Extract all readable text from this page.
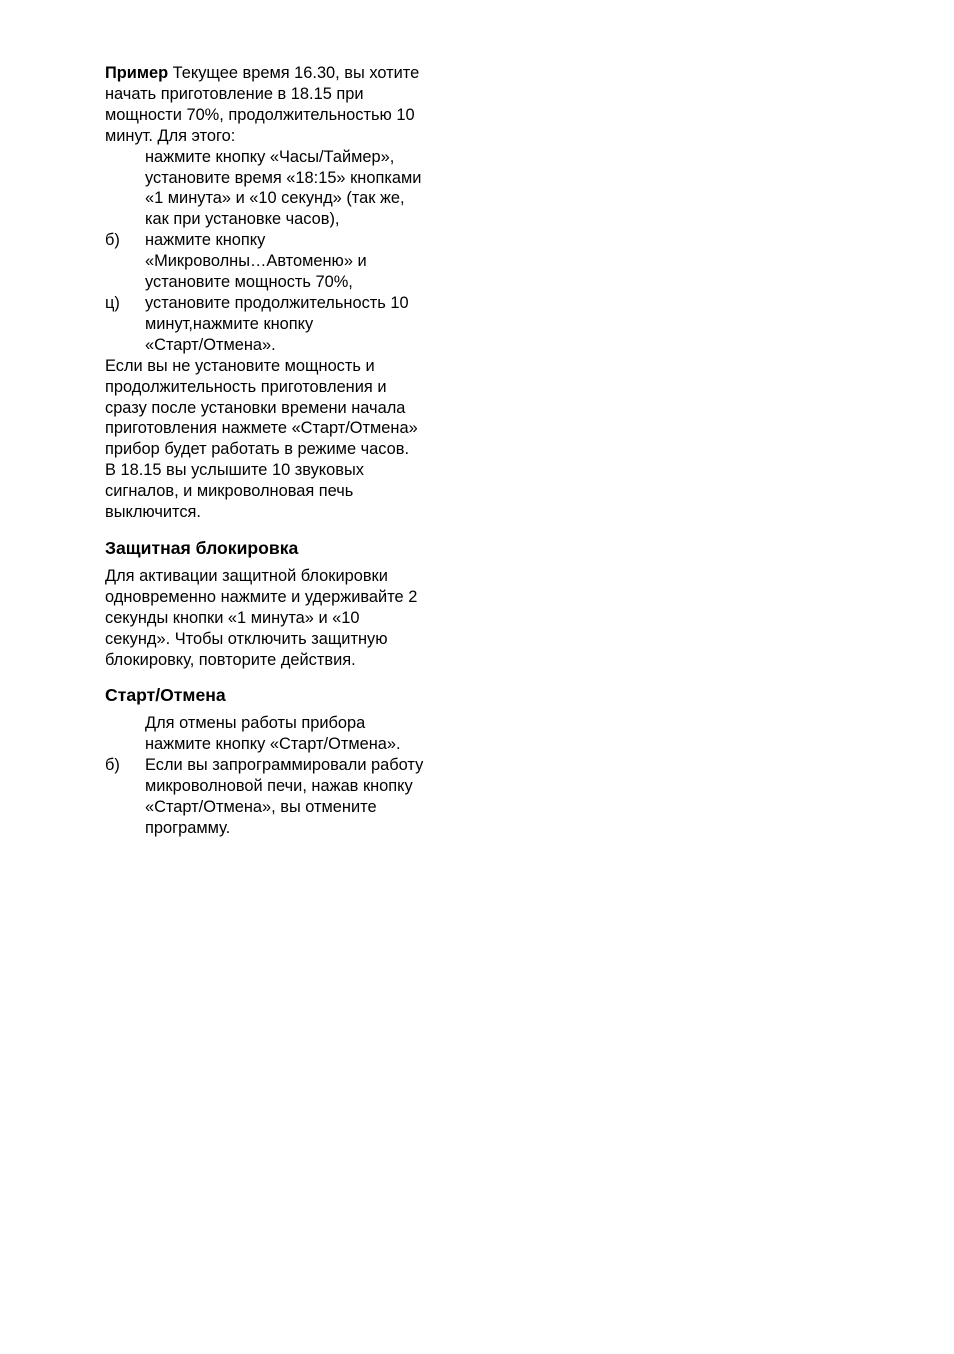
Пример Текущее время 16.30, вы хотите
начать приготовление в 18.15 при
мощности 70%, продолжительностью 10
минут. Для этого:
нажмите кнопку «Часы/Таймер»,
установите время «18:15» кнопками
«1 минута» и «10 секунд» (так же,
как при установке часов),
б)	нажмите кнопку
«Микроволны…Автоменю» и
установите мощность 70%,
ц)	установите продолжительность 10
минут,нажмите кнопку
«Старт/Отмена».
Если вы не установите мощность и
продолжительность приготовления и
сразу после установки времени начала
приготовления нажмете «Старт/Отмена»
прибор будет работать в режиме часов.
В 18.15 вы услышите 10 звуковых
сигналов, и микроволновая печь
выключится.
Защитная блокировка
Для активации защитной блокировки
одновременно нажмите и удерживайте 2
секунды кнопки «1 минута» и «10
секунд». Чтобы отключить защитную
блокировку, повторите действия.
Старт/Отмена
Для отмены работы прибора
нажмите кнопку «Старт/Отмена».
б)	Если вы запрограммировали работу
микроволновой печи, нажав кнопку
«Старт/Отмена», вы отмените
программу.
